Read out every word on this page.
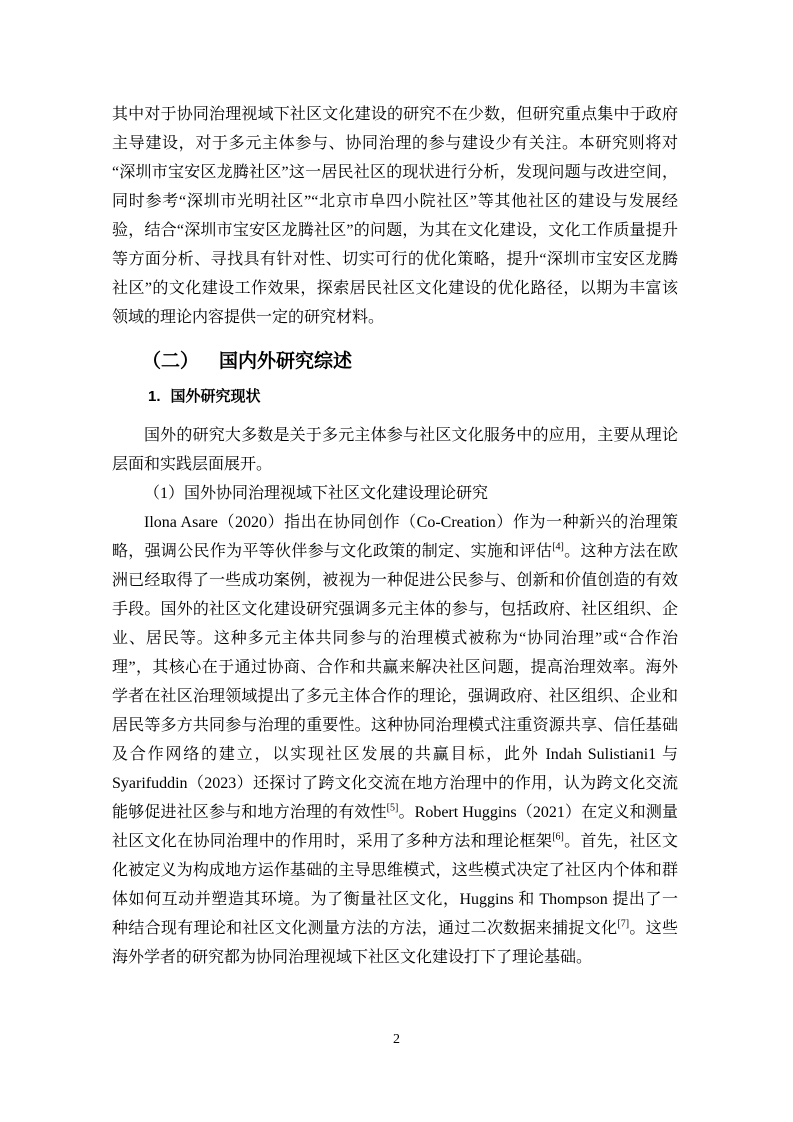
其中对于协同治理视域下社区文化建设的研究不在少数，但研究重点集中于政府主导建设，对于多元主体参与、协同治理的参与建设少有关注。本研究则将对“深圳市宝安区龙腾社区”这一居民社区的现状进行分析，发现问题与改进空间，同时参考“深圳市光明社区”“北京市阜四小院社区”等其他社区的建设与发展经验，结合“深圳市宝安区龙腾社区”的问题，为其在文化建设，文化工作质量提升等方面分析、寻找具有针对性、切实可行的优化策略，提升“深圳市宝安区龙腾社区”的文化建设工作效果，探索居民社区文化建设的优化路径，以期为丰富该领域的理论内容提供一定的研究材料。

（二） 国内外研究综述
1. 国外研究现状

国外的研究大多数是关于多元主体参与社区文化服务中的应用，主要从理论层面和实践层面展开。

（1）国外协同治理视域下社区文化建设理论研究

Ilona Asare（2020）指出在协同创作（Co-Creation）作为一种新兴的治理策略，强调公民作为平等伙伴参与文化政策的制定、实施和评估[4]。这种方法在欧洲已经取得了一些成功案例，被视为一种促进公民参与、创新和价值创造的有效手段。国外的社区文化建设研究强调多元主体的参与，包括政府、社区组织、企业、居民等。这种多元主体共同参与的治理模式被称为“协同治理”或“合作治理”，其核心在于通过协商、合作和共赢来解决社区问题，提高治理效率。海外学者在社区治理领域提出了多元主体合作的理论，强调政府、社区组织、企业和居民等多方共同参与治理的重要性。这种协同治理模式注重资源共享、信任基础及合作网络的建立，以实现社区发展的共赢目标，此外 Indah Sulistiani1 与 Syarifuddin（2023）还探讨了跨文化交流在地方治理中的作用，认为跨文化交流能够促进社区参与和地方治理的有效性[5]。Robert Huggins（2021）在定义和测量社区文化在协同治理中的作用时，采用了多种方法和理论框架[6]。首先，社区文化被定义为构成地方运作基础的主导思维模式，这些模式决定了社区内个体和群体如何互动并塑造其环境。为了衡量社区文化，Huggins 和 Thompson 提出了一种结合现有理论和社区文化测量方法的方法，通过二次数据来捕捉文化[7]。这些海外学者的研究都为协同治理视域下社区文化建设打下了理论基础。

2
